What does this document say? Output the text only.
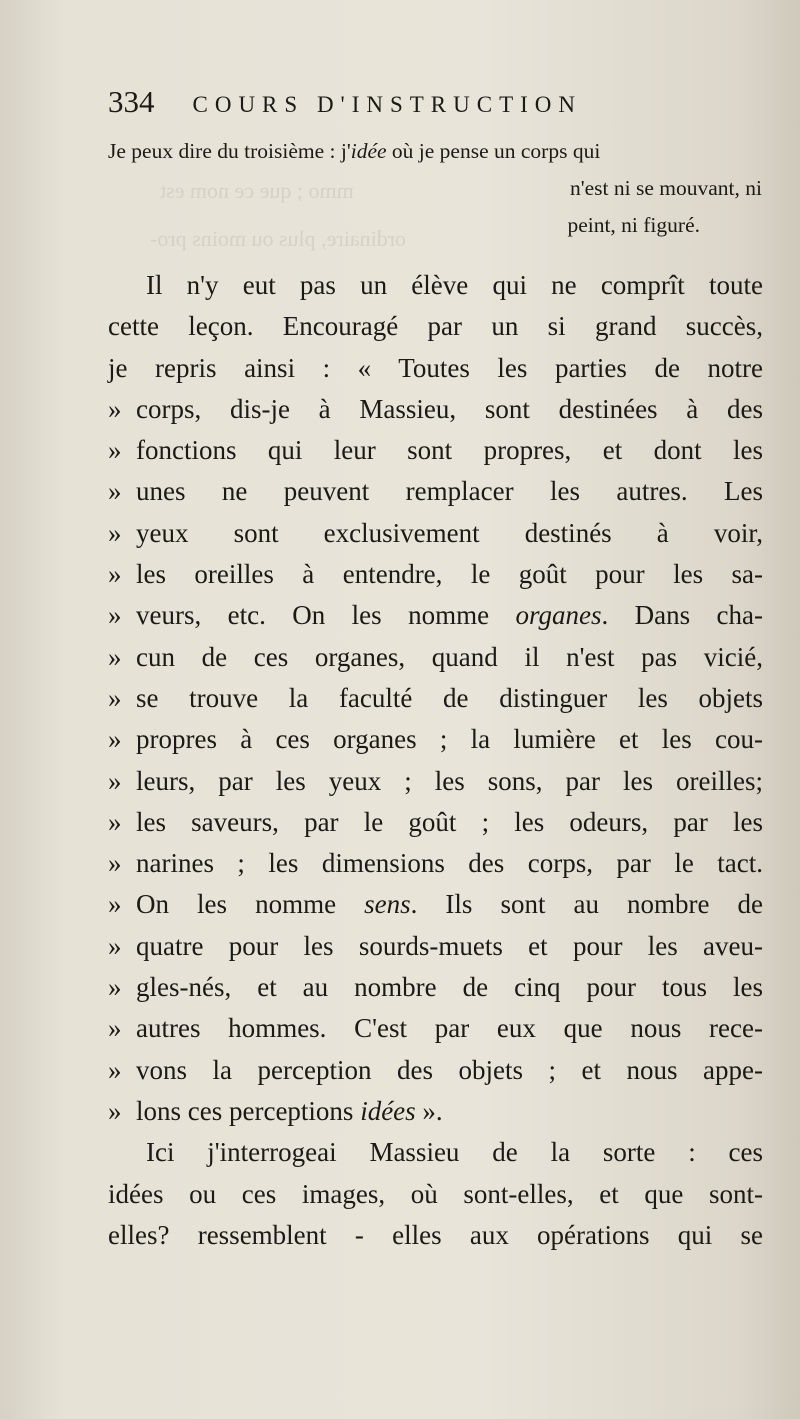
mmo ; que ce nom est
ordinaire, plus ou moins pro-
334 COURS D'INSTRUCTION
Je peux dire du troisième : j'idée où je pense un corps qui
n'est ni se mouvant, ni
peint, ni figuré.
Il n'y eut pas un élève qui ne comprît toute
cette leçon. Encouragé par un si grand succès,
je repris ainsi : « Toutes les parties de notre
» corps, dis-je à Massieu, sont destinées à des
» fonctions qui leur sont propres, et dont les
» unes ne peuvent remplacer les autres. Les
» yeux sont exclusivement destinés à voir,
» les oreilles à entendre, le goût pour les sa-
» veurs, etc. On les nomme organes. Dans cha-
» cun de ces organes, quand il n'est pas vicié,
» se trouve la faculté de distinguer les objets
» propres à ces organes ; la lumière et les cou-
» leurs, par les yeux ; les sons, par les oreilles;
» les saveurs, par le goût ; les odeurs, par les
» narines ; les dimensions des corps, par le tact.
» On les nomme sens. Ils sont au nombre de
» quatre pour les sourds-muets et pour les aveu-
» gles-nés, et au nombre de cinq pour tous les
» autres hommes. C'est par eux que nous rece-
» vons la perception des objets ; et nous appe-
» lons ces perceptions idées ».
Ici j'interrogeai Massieu de la sorte : ces
idées ou ces images, où sont-elles, et que sont-
elles? ressemblent - elles aux opérations qui se
